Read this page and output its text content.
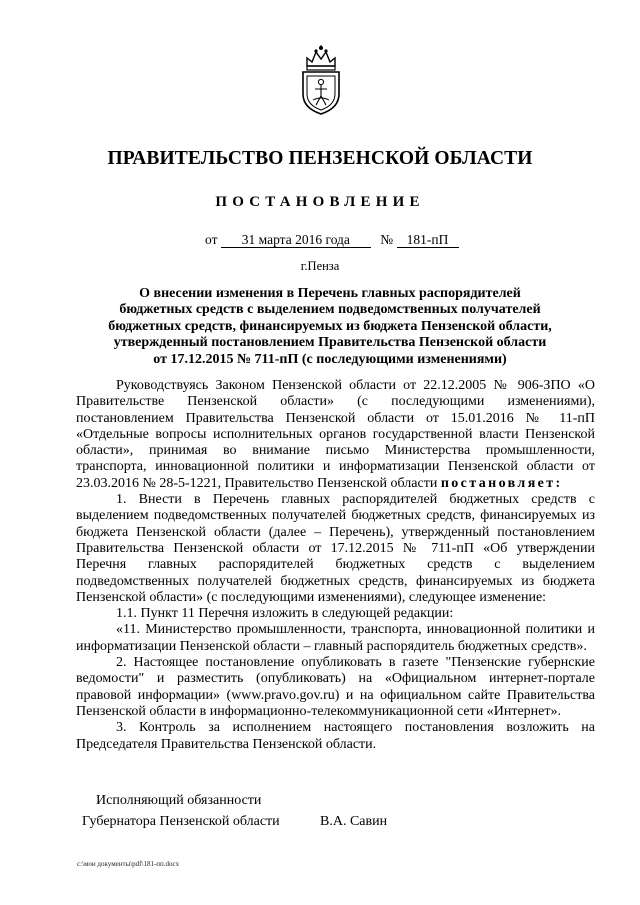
ПРАВИТЕЛЬСТВО ПЕНЗЕНСКОЙ ОБЛАСТИ
ПОСТАНОВЛЕНИЕ
от 31 марта 2016 года № 181-пП
г.Пенза
О внесении изменения в Перечень главных распорядителей
бюджетных средств с выделением подведомственных получателей
бюджетных средств, финансируемых из бюджета Пензенской области,
утвержденный постановлением Правительства Пензенской области
от 17.12.2015 № 711-пП (с последующими изменениями)

Руководствуясь Законом Пензенской области от 22.12.2005 № 906-ЗПО «О Правительстве Пензенской области» (с последующими изменениями), постановлением Правительства Пензенской области от 15.01.2016 № 11-пП «Отдельные вопросы исполнительных органов государственной власти Пензенской области», принимая во внимание письмо Министерства промышленности, транспорта, инновационной политики и информатизации Пензенской области от 23.03.2016 № 28-5-1221, Правительство Пензенской области постановляет:

1. Внести в Перечень главных распорядителей бюджетных средств с выделением подведомственных получателей бюджетных средств, финансируемых из бюджета Пензенской области (далее – Перечень), утвержденный постановлением Правительства Пензенской области от 17.12.2015 № 711-пП «Об утверждении Перечня главных распорядителей бюджетных средств с выделением подведомственных получателей бюджетных средств, финансируемых из бюджета Пензенской области» (с последующими изменениями), следующее изменение:

1.1. Пункт 11 Перечня изложить в следующей редакции:

«11. Министерство промышленности, транспорта, инновационной политики и информатизации Пензенской области – главный распорядитель бюджетных средств».

2. Настоящее постановление опубликовать в газете "Пензенские губернские ведомости" и разместить (опубликовать) на «Официальном интернет-портале правовой информации» (www.pravo.gov.ru) и на официальном сайте Правительства Пензенской области в информационно-телекоммуникационной сети «Интернет».

3. Контроль за исполнением настоящего постановления возложить на Председателя Правительства Пензенской области.

Исполняющий обязанности
Губернатора Пензенской области	В.А. Савин
c:\мои документы\pdf\181-пп.docx
